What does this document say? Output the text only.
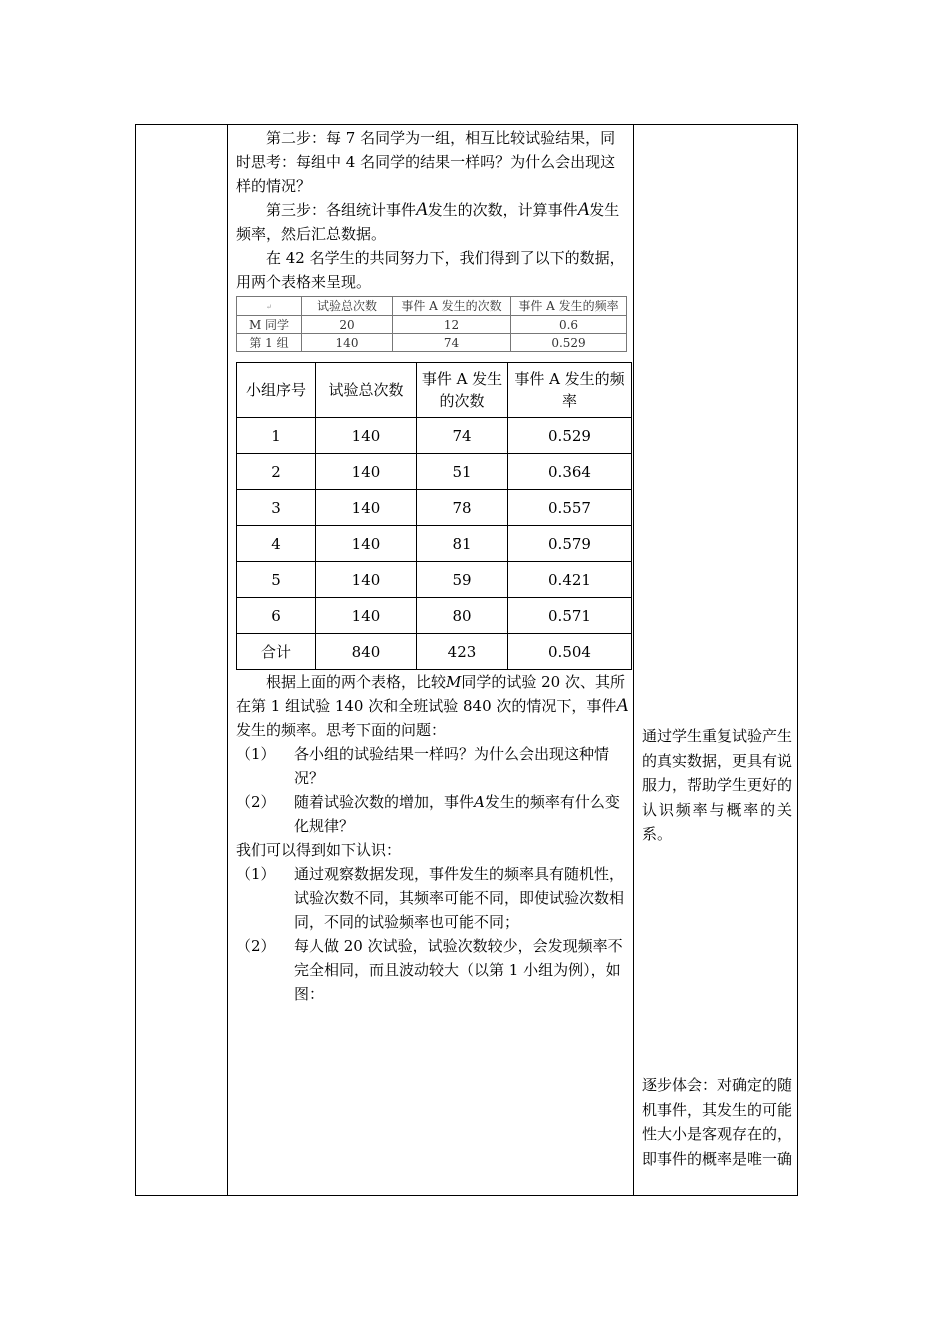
第二步：每 7 名同学为一组，相互比较试验结果，同时思考：每组中 4 名同学的结果一样吗？为什么会出现这样的情况？

第三步：各组统计事件A发生的次数，计算事件A发生频率，然后汇总数据。

在 42 名学生的共同努力下，我们得到了以下的数据，用两个表格来呈现。

↵	试验总次数	事件 A 发生的次数	事件 A 发生的频率
M 同学	20	12	0.6
第 1 组	140	74	0.529
小组序号	试验总次数	事件 A 发生的次数	事件 A 发生的频率
1	140	74	0.529
2	140	51	0.364
3	140	78	0.557
4	140	81	0.579
5	140	59	0.421
6	140	80	0.571
合计	840	423	0.504

根据上面的两个表格，比较M同学的试验 20 次、其所在第 1 组试验 140 次和全班试验 840 次的情况下，事件A发生的频率。思考下面的问题：

（1）	各小组的试验结果一样吗？为什么会出现这种情况？
（2）	随着试验次数的增加，事件A发生的频率有什么变化规律？

我们可以得到如下认识：

（1）	通过观察数据发现，事件发生的频率具有随机性，试验次数不同，其频率可能不同，即使试验次数相同，不同的试验频率也可能不同；
（2）	每人做 20 次试验，试验次数较少，会发现频率不完全相同，而且波动较大（以第 1 小组为例），如图：
通过学生重复试验产生的真实数据，更具有说服力，帮助学生更好的认识频率与概率的关系。
逐步体会：对确定的随机事件，其发生的可能性大小是客观存在的，即事件的概率是唯一确
